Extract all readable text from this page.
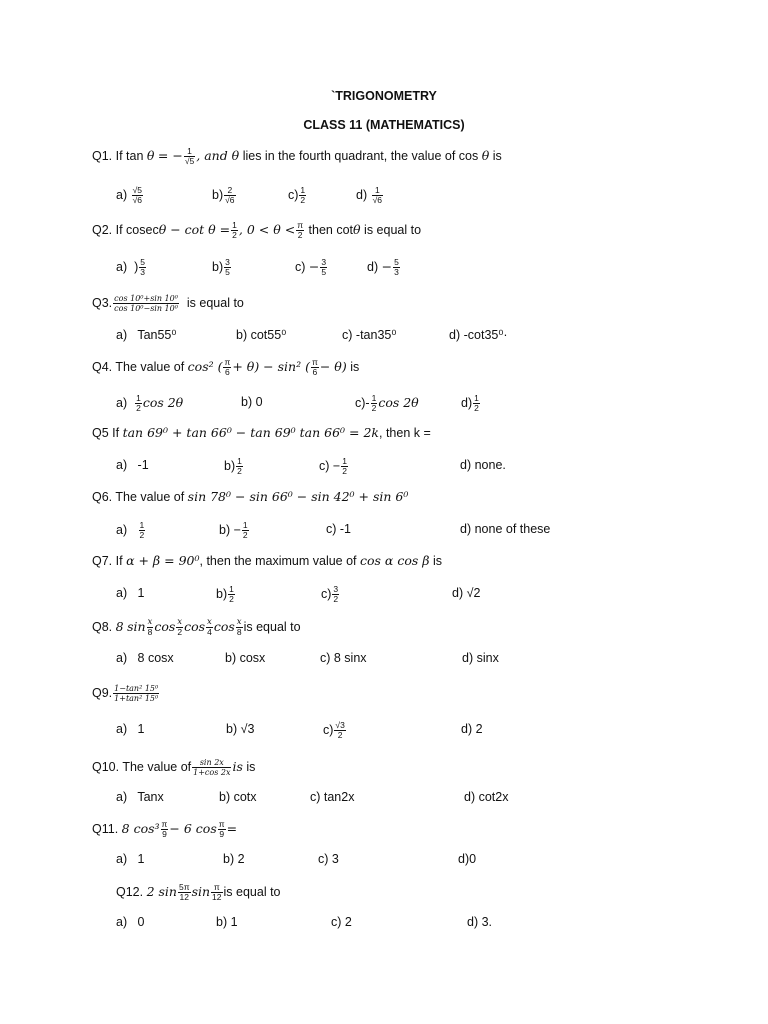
`TRIGONOMETRY
CLASS 11 (MATHEMATICS)
Q1. If tan θ = − $\frac{1}{√5}$ , and θ lies in the fourth quadrant, the value of cos θ is
$a) \frac{√5}{√6}$	$b) \frac{2}{√6}$	$c) \frac{1}{2}$	$d) \frac{1}{√6}$
Q2. If $cosec\theta - \cot \theta = \frac{1}{2}$ , $0 < \theta < \frac{\pi}{2}$ then cotθ is equal to
a) ) $\frac{5}{3}$	$b) \frac{3}{5}$	$c) - \frac{3}{5}$	$d) - \frac{5}{3}$
Q3. $\frac{\text{cos 10⁰+sin 10⁰}}{\text{cos 10⁰−sin 10⁰}}$ is equal to
a) Tan55⁰	b) cot55⁰	c) -tan35⁰	d) -cot35⁰·
Q4. The value of cos² ( $\frac{\pi}{6} + \theta) - \sin^2$ ( $\frac{\pi}{6} - \theta$) is
$a) \frac{1}{2}$ cos 2θ	b) 0	$c)- \frac{1}{2}$ cos 2θ	$d) \frac{1}{2}$
Q5 If tan 69⁰ + tan 66⁰ − tan 69⁰ tan 66⁰ = 2k, then k =
a) -1	$b) \frac{1}{2}$	$c) - \frac{1}{2}$	d) none.
Q6. The value of sin 78⁰ − sin 66⁰ − sin 42⁰ + sin 6⁰
$a) \frac{1}{2}$	$b) - \frac{1}{2}$	c) -1	d) none of these
Q7. If α + β = 90⁰, then the maximum value of cos α cos β is
a) 1	$b) \frac{1}{2}$	$c) \frac{3}{2}$	d) √2
Q8. 8 $\sin \frac{x}{8}$ $\cos \frac{x}{2}$ $\cos \frac{x}{4}$ $\cos \frac{x}{8}$ is equal to
a) 8 cosx	b) cosx	c) 8 sinx	d) sinx
Q9. $\frac{\text{1−tan² 15⁰}}{\text{1+tan² 15⁰}}$
a) 1	b) √3	$c) \frac{√3}{2}$	d) 2
Q10. The value of $\frac{\sin 2x}{1+\cos 2x}$ is is
a) Tanx	b) cotx	c) tan2x	d) cot2x
Q11. 8 $\cos^3 \frac{\pi}{9} - 6$ $\cos \frac{\pi}{9}$ =
a) 1	b) 2	c) 3	d)0
Q12. 2 $\sin \frac{5\pi}{12}$ $\sin \frac{\pi}{12}$ is equal to
a) 0	b) 1	c) 2	d) 3.
